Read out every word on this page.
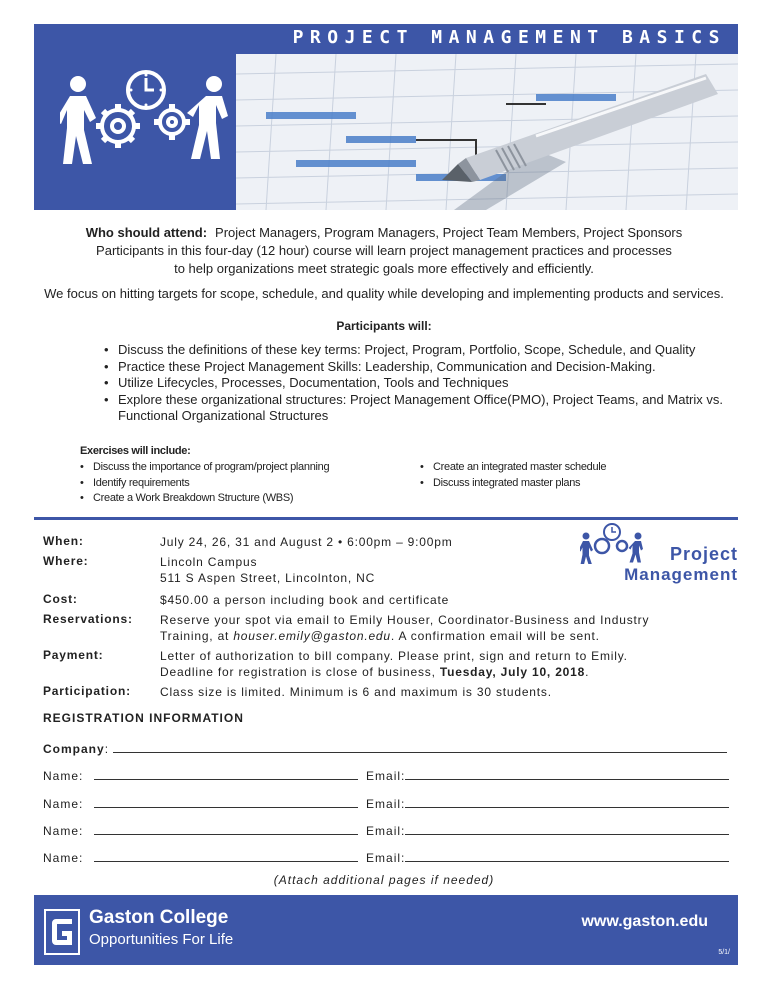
PROJECT MANAGEMENT BASICS
Who should attend: Project Managers, Program Managers, Project Team Members, Project Sponsors
Participants in this four-day (12 hour) course will learn project management practices and processes
to help organizations meet strategic goals more effectively and efficiently.
We focus on hitting targets for scope, schedule, and quality while developing and implementing products and services.
Participants will:
• Discuss the definitions of these key terms: Project, Program, Portfolio, Scope, Schedule, and Quality
• Practice these Project Management Skills: Leadership, Communication and Decision-Making.
• Utilize Lifecycles, Processes, Documentation, Tools and Techniques
• Explore these organizational structures: Project Management Office(PMO), Project Teams, and Matrix vs. Functional Organizational Structures
Exercises will include:
• Discuss the importance of program/project planning
• Identify requirements
• Create a Work Breakdown Structure (WBS)
• Create an integrated master schedule
• Discuss integrated master plans
When:	July 24, 26, 31 and August 2 • 6:00pm – 9:00pm
Where:	Lincoln Campus
511 S Aspen Street, Lincolnton, NC
Cost:	$450.00 a person including book and certificate
Reservations: Reserve your spot via email to Emily Houser, Coordinator-Business and Industry
Training, at houser.emily@gaston.edu. A confirmation email will be sent.
Payment:	Letter of authorization to bill company. Please print, sign and return to Emily.
Deadline for registration is close of business, Tuesday, July 10, 2018.
Participation: Class size is limited. Minimum is 6 and maximum is 30 students.
Project
Management
REGISTRATION INFORMATION
Company:
Name:	Email:
Name:	Email:
Name:	Email:
Name:	Email:
(Attach additional pages if needed)
Gaston College
Opportunities For Life
www.gaston.edu
5/1/
